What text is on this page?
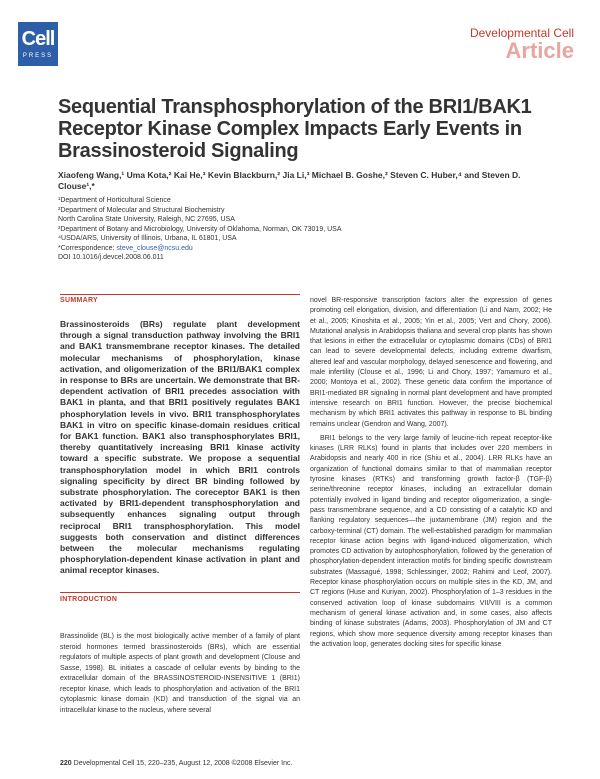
Cell
PRESS
Developmental Cell
Article
Sequential Transphosphorylation of the BRI1/BAK1 Receptor Kinase Complex Impacts Early Events in Brassinosteroid Signaling
Xiaofeng Wang,¹ Uma Kota,² Kai He,³ Kevin Blackburn,² Jia Li,³ Michael B. Goshe,² Steven C. Huber,⁴ and Steven D. Clouse¹,*

¹Department of Horticultural Science

²Department of Molecular and Structural Biochemistry

North Carolina State University, Raleigh, NC 27695, USA

³Department of Botany and Microbiology, University of Oklahoma, Norman, OK 73019, USA

⁴USDA/ARS, University of Illinois, Urbana, IL 61801, USA

*Correspondence: steve_clouse@ncsu.edu

DOI 10.1016/j.devcel.2008.06.011

SUMMARY
Brassinosteroids (BRs) regulate plant development through a signal transduction pathway involving the BRI1 and BAK1 transmembrane receptor kinases. The detailed molecular mechanisms of phosphorylation, kinase activation, and oligomerization of the BRI1/BAK1 complex in response to BRs are uncertain. We demonstrate that BR-dependent activation of BRI1 precedes association with BAK1 in planta, and that BRI1 positively regulates BAK1 phosphorylation levels in vivo. BRI1 transphosphorylates BAK1 in vitro on specific kinase-domain residues critical for BAK1 function. BAK1 also transphosphorylates BRI1, thereby quantitatively increasing BRI1 kinase activity toward a specific substrate. We propose a sequential transphosphorylation model in which BRI1 controls signaling specificity by direct BR binding followed by substrate phosphorylation. The coreceptor BAK1 is then activated by BRI1-dependent transphosphorylation and subsequently enhances signaling output through reciprocal BRI1 transphosphorylation. This model suggests both conservation and distinct differences between the molecular mechanisms regulating phosphorylation-dependent kinase activation in plant and animal receptor kinases.
INTRODUCTION
Brassinolide (BL) is the most biologically active member of a family of plant steroid hormones termed brassinosteroids (BRs), which are essential regulators of multiple aspects of plant growth and development (Clouse and Sasse, 1998). BL initiates a cascade of cellular events by binding to the extracellular domain of the BRASSINOSTEROID-INSENSITIVE 1 (BRI1) receptor kinase, which leads to phosphorylation and activation of the BRI1 cytoplasmic kinase domain (KD) and transduction of the signal via an intracellular kinase to the nucleus, where several

novel BR-responsive transcription factors alter the expression of genes promoting cell elongation, division, and differentiation (Li and Nam, 2002; He et al., 2005; Kinoshita et al., 2005; Yin et al., 2005; Vert and Chory, 2006). Mutational analysis in Arabidopsis thaliana and several crop plants has shown that lesions in either the extracellular or cytoplasmic domains (CDs) of BRI1 can lead to severe developmental defects, including extreme dwarfism, altered leaf and vascular morphology, delayed senescence and flowering, and male infertility (Clouse et al., 1996; Li and Chory, 1997; Yamamuro et al., 2000; Montoya et al., 2002). These genetic data confirm the importance of BRI1-mediated BR signaling in normal plant development and have prompted intensive research on BRI1 function. However, the precise biochemical mechanism by which BRI1 activates this pathway in response to BL binding remains unclear (Gendron and Wang, 2007).

BRI1 belongs to the very large family of leucine-rich repeat receptor-like kinases (LRR RLKs) found in plants that includes over 220 members in Arabidopsis and nearly 400 in rice (Shiu et al., 2004). LRR RLKs have an organization of functional domains similar to that of mammalian receptor tyrosine kinases (RTKs) and transforming growth factor-β (TGF-β) serine/threonine receptor kinases, including an extracellular domain potentially involved in ligand binding and receptor oligomerization, a single-pass transmembrane sequence, and a CD consisting of a catalytic KD and flanking regulatory sequences—the juxtamembrane (JM) region and the carboxy-terminal (CT) domain. The well-established paradigm for mammalian receptor kinase action begins with ligand-induced oligomerization, which promotes CD activation by autophosphorylation, followed by the generation of phosphorylation-dependent interaction motifs for binding specific downstream substrates (Massagué, 1998; Schlessinger, 2002; Rahimi and Leof, 2007). Receptor kinase phosphorylation occurs on multiple sites in the KD, JM, and CT regions (Huse and Kuriyan, 2002). Phosphorylation of 1–3 residues in the conserved activation loop of kinase subdomains VII/VIII is a common mechanism of general kinase activation and, in some cases, also affects binding of kinase substrates (Adams, 2003). Phosphorylation of JM and CT regions, which show more sequence diversity among receptor kinases than the activation loop, generates docking sites for specific kinase

220 Developmental Cell 15, 220–235, August 12, 2008 ©2008 Elsevier Inc.
